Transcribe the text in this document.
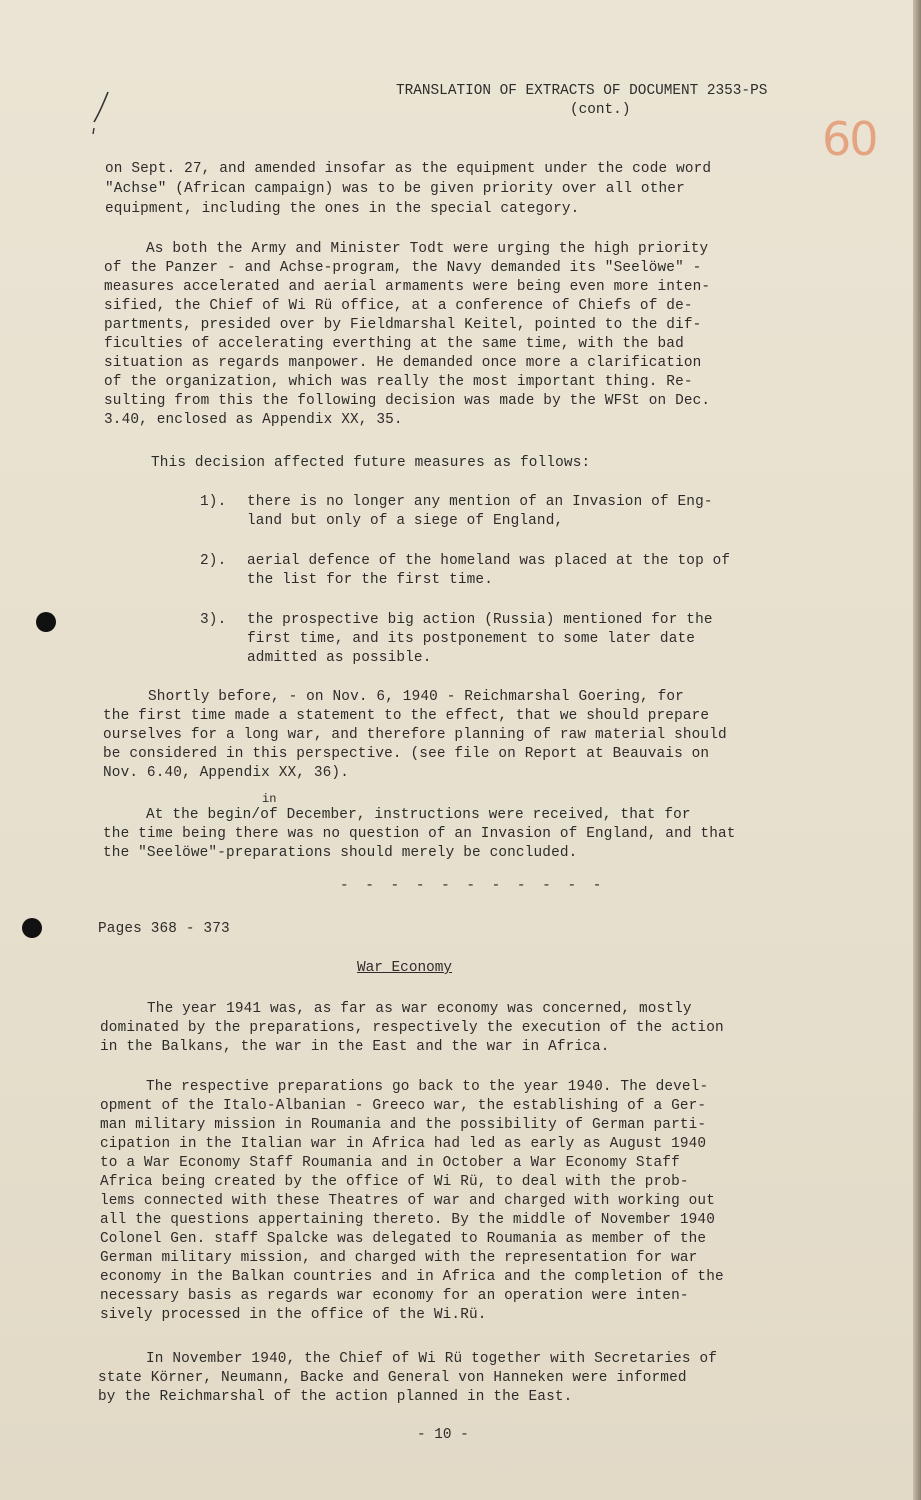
TRANSLATION OF EXTRACTS OF DOCUMENT 2353-PS
(cont.)
60
on Sept. 27, and amended insofar as the equipment under the code word
"Achse" (African campaign) was to be given priority over all other
equipment, including the ones in the special category.
As both the Army and Minister Todt were urging the high priority
of the Panzer - and Achse-program, the Navy demanded its "Seelöwe" -
measures accelerated and aerial armaments were being even more inten-
sified, the Chief of Wi Rü office, at a conference of Chiefs of de-
partments, presided over by Fieldmarshal Keitel, pointed to the dif-
ficulties of accelerating everthing at the same time, with the bad
situation as regards manpower. He demanded once more a clarification
of the organization, which was really the most important thing. Re-
sulting from this the following decision was made by the WFSt on Dec.
3.40, enclosed as Appendix XX, 35.
This decision affected future measures as follows:
1). there is no longer any mention of an Invasion of Eng-
land but only of a siege of England,
2). aerial defence of the homeland was placed at the top of
the list for the first time.
3). the prospective big action (Russia) mentioned for the
first time, and its postponement to some later date
admitted as possible.
Shortly before, - on Nov. 6, 1940 - Reichmarshal Goering, for
the first time made a statement to the effect, that we should prepare
ourselves for a long war, and therefore planning of raw material should
be considered in this perspective. (see file on Report at Beauvais on
Nov. 6.40, Appendix XX, 36).
in
At the begin/of December, instructions were received, that for
the time being there was no question of an Invasion of England, and that
the "Seelöwe"-preparations should merely be concluded.
- - - - - - - - - - -
Pages 368 - 373
War Economy
The year 1941 was, as far as war economy was concerned, mostly
dominated by the preparations, respectively the execution of the action
in the Balkans, the war in the East and the war in Africa.
The respective preparations go back to the year 1940. The devel-
opment of the Italo-Albanian - Greeco war, the establishing of a Ger-
man military mission in Roumania and the possibility of German parti-
cipation in the Italian war in Africa had led as early as August 1940
to a War Economy Staff Roumania and in October a War Economy Staff
Africa being created by the office of Wi Rü, to deal with the prob-
lems connected with these Theatres of war and charged with working out
all the questions appertaining thereto. By the middle of November 1940
Colonel Gen. staff Spalcke was delegated to Roumania as member of the
German military mission, and charged with the representation for war
economy in the Balkan countries and in Africa and the completion of the
necessary basis as regards war economy for an operation were inten-
sively processed in the office of the Wi.Rü.
In November 1940, the Chief of Wi Rü together with Secretaries of
state Körner, Neumann, Backe and General von Hanneken were informed
by the Reichmarshal of the action planned in the East.
- 10 -
